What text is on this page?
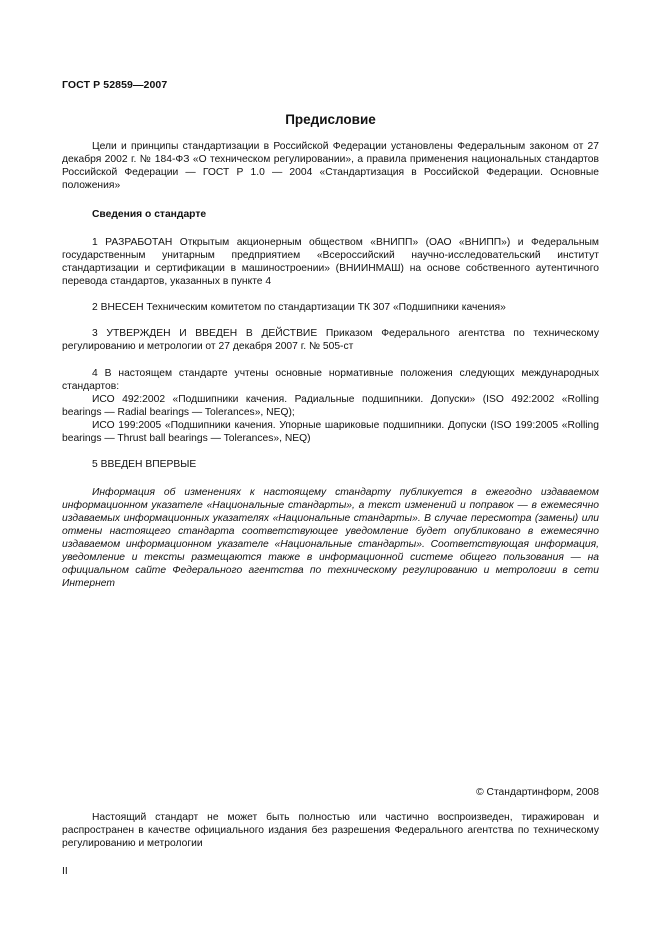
ГОСТ Р 52859—2007
Предисловие

Цели и принципы стандартизации в Российской Федерации установлены Федеральным законом от 27 декабря 2002 г. № 184-ФЗ «О техническом регулировании», а правила применения национальных стандартов Российской Федерации — ГОСТ Р 1.0 — 2004 «Стандартизация в Российской Федерации. Основные положения»

Сведения о стандарте

1 РАЗРАБОТАН Открытым акционерным обществом «ВНИПП» (ОАО «ВНИПП») и Федеральным государственным унитарным предприятием «Всероссийский научно-исследовательский институт стандартизации и сертификации в машиностроении» (ВНИИНМАШ) на основе собственного аутентичного перевода стандартов, указанных в пункте 4

2 ВНЕСЕН Техническим комитетом по стандартизации ТК 307 «Подшипники качения»

3 УТВЕРЖДЕН И ВВЕДЕН В ДЕЙСТВИЕ Приказом Федерального агентства по техническому регулированию и метрологии от 27 декабря 2007 г. № 505-ст

4 В настоящем стандарте учтены основные нормативные положения следующих международных стандартов:

ИСО 492:2002 «Подшипники качения. Радиальные подшипники. Допуски» (ISO 492:2002 «Rolling bearings — Radial bearings — Tolerances», NEQ);

ИСО 199:2005 «Подшипники качения. Упорные шариковые подшипники. Допуски (ISO 199:2005 «Rolling bearings — Thrust ball bearings — Tolerances», NEQ)

5 ВВЕДЕН ВПЕРВЫЕ

Информация об изменениях к настоящему стандарту публикуется в ежегодно издаваемом информационном указателе «Национальные стандарты», а текст изменений и поправок — в ежемесячно издаваемых информационных указателях «Национальные стандарты». В случае пересмотра (замены) или отмены настоящего стандарта соответствующее уведомление будет опубликовано в ежемесячно издаваемом информационном указателе «Национальные стандарты». Соответствующая информация, уведомление и тексты размещаются также в информационной системе общего пользования — на официальном сайте Федерального агентства по техническому регулированию и метрологии в сети Интернет

© Стандартинформ, 2008

Настоящий стандарт не может быть полностью или частично воспроизведен, тиражирован и распространен в качестве официального издания без разрешения Федерального агентства по техническому регулированию и метрологии

II
